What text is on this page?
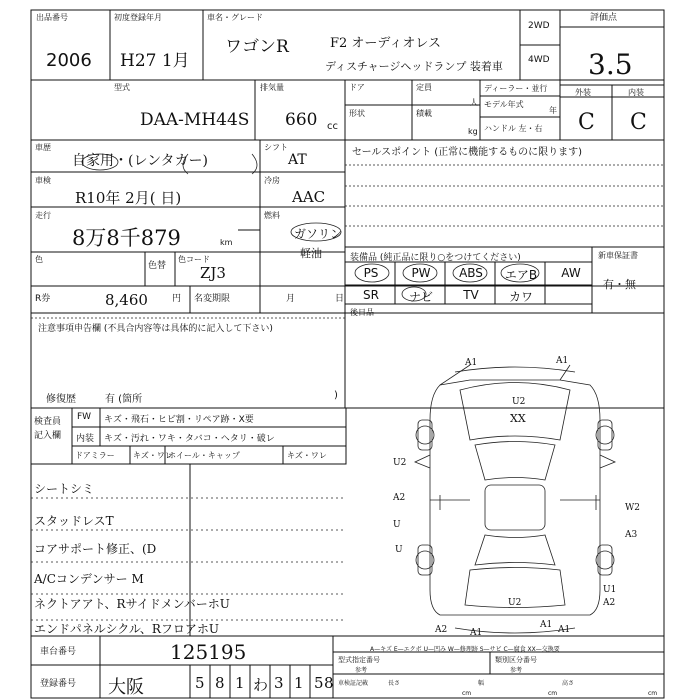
出品番号
2006
初度登録年月
H27 1月
車名・グレード
ワゴンR	F2 オーディオレス
ディスチャージヘッドランプ 装着車
2WD
4WD
評価点
3.5
型式
DAA-MH44S
排気量
660 cc
ドア	定員
人
形状	積載
kg
ディーラー・並行
モデル年式
年
ハンドル 左・右
外装	内装
C C
車歴
自家用・(レンタカー)
シフト
AT	セールスポイント (正常に機能するものに限ります)
車検
R10年 2月( 日)
冷房
AAC
走行
8万8千879	km
燃料
ガソリン
軽油
色
色替
色コード
ZJ3
R券	8,460	円 名変期限	月	日
装備品 (純正品に限り○をつけてください)	新車保証書
有・無
PS	PW	ABS	エアB	AW
SR	ナビ	TV	カワ
後日品
注意事項申告欄 (不具合内容等は具体的に記入して下さい)
修復歴	有 (箇所	)
検査員
記入欄
FW キズ・飛石・ヒビ割・リペア跡・X要
内装 キズ・汚れ・ワキ・タバコ・ヘタリ・破レ
ドアミラー キズ・ワレ
ホイール・キャップ	キズ・ワレ
シートシミ
スタッドレスT
コアサポート修正、(D
A/Cコンデンサー M
ネクトアアト、RサイドメンバーホU
エンドパネルシクル、RフロアホU
A1	A1
U2
XX
U2
A2
U
W2
A3
U
A2	A1
A1
U2
U1
A2
A1
A—キズ E—エクボ U—凹み W—修理跡 S—サビ C—腐食 XX—交換要
車台番号	125195
登録番号 大阪	5 8 1 わ 3 1 5 8
型式指定番号
参考
類別区分番号
参考
車検証記載	長さ
cm
幅
cm
高さ
cm
